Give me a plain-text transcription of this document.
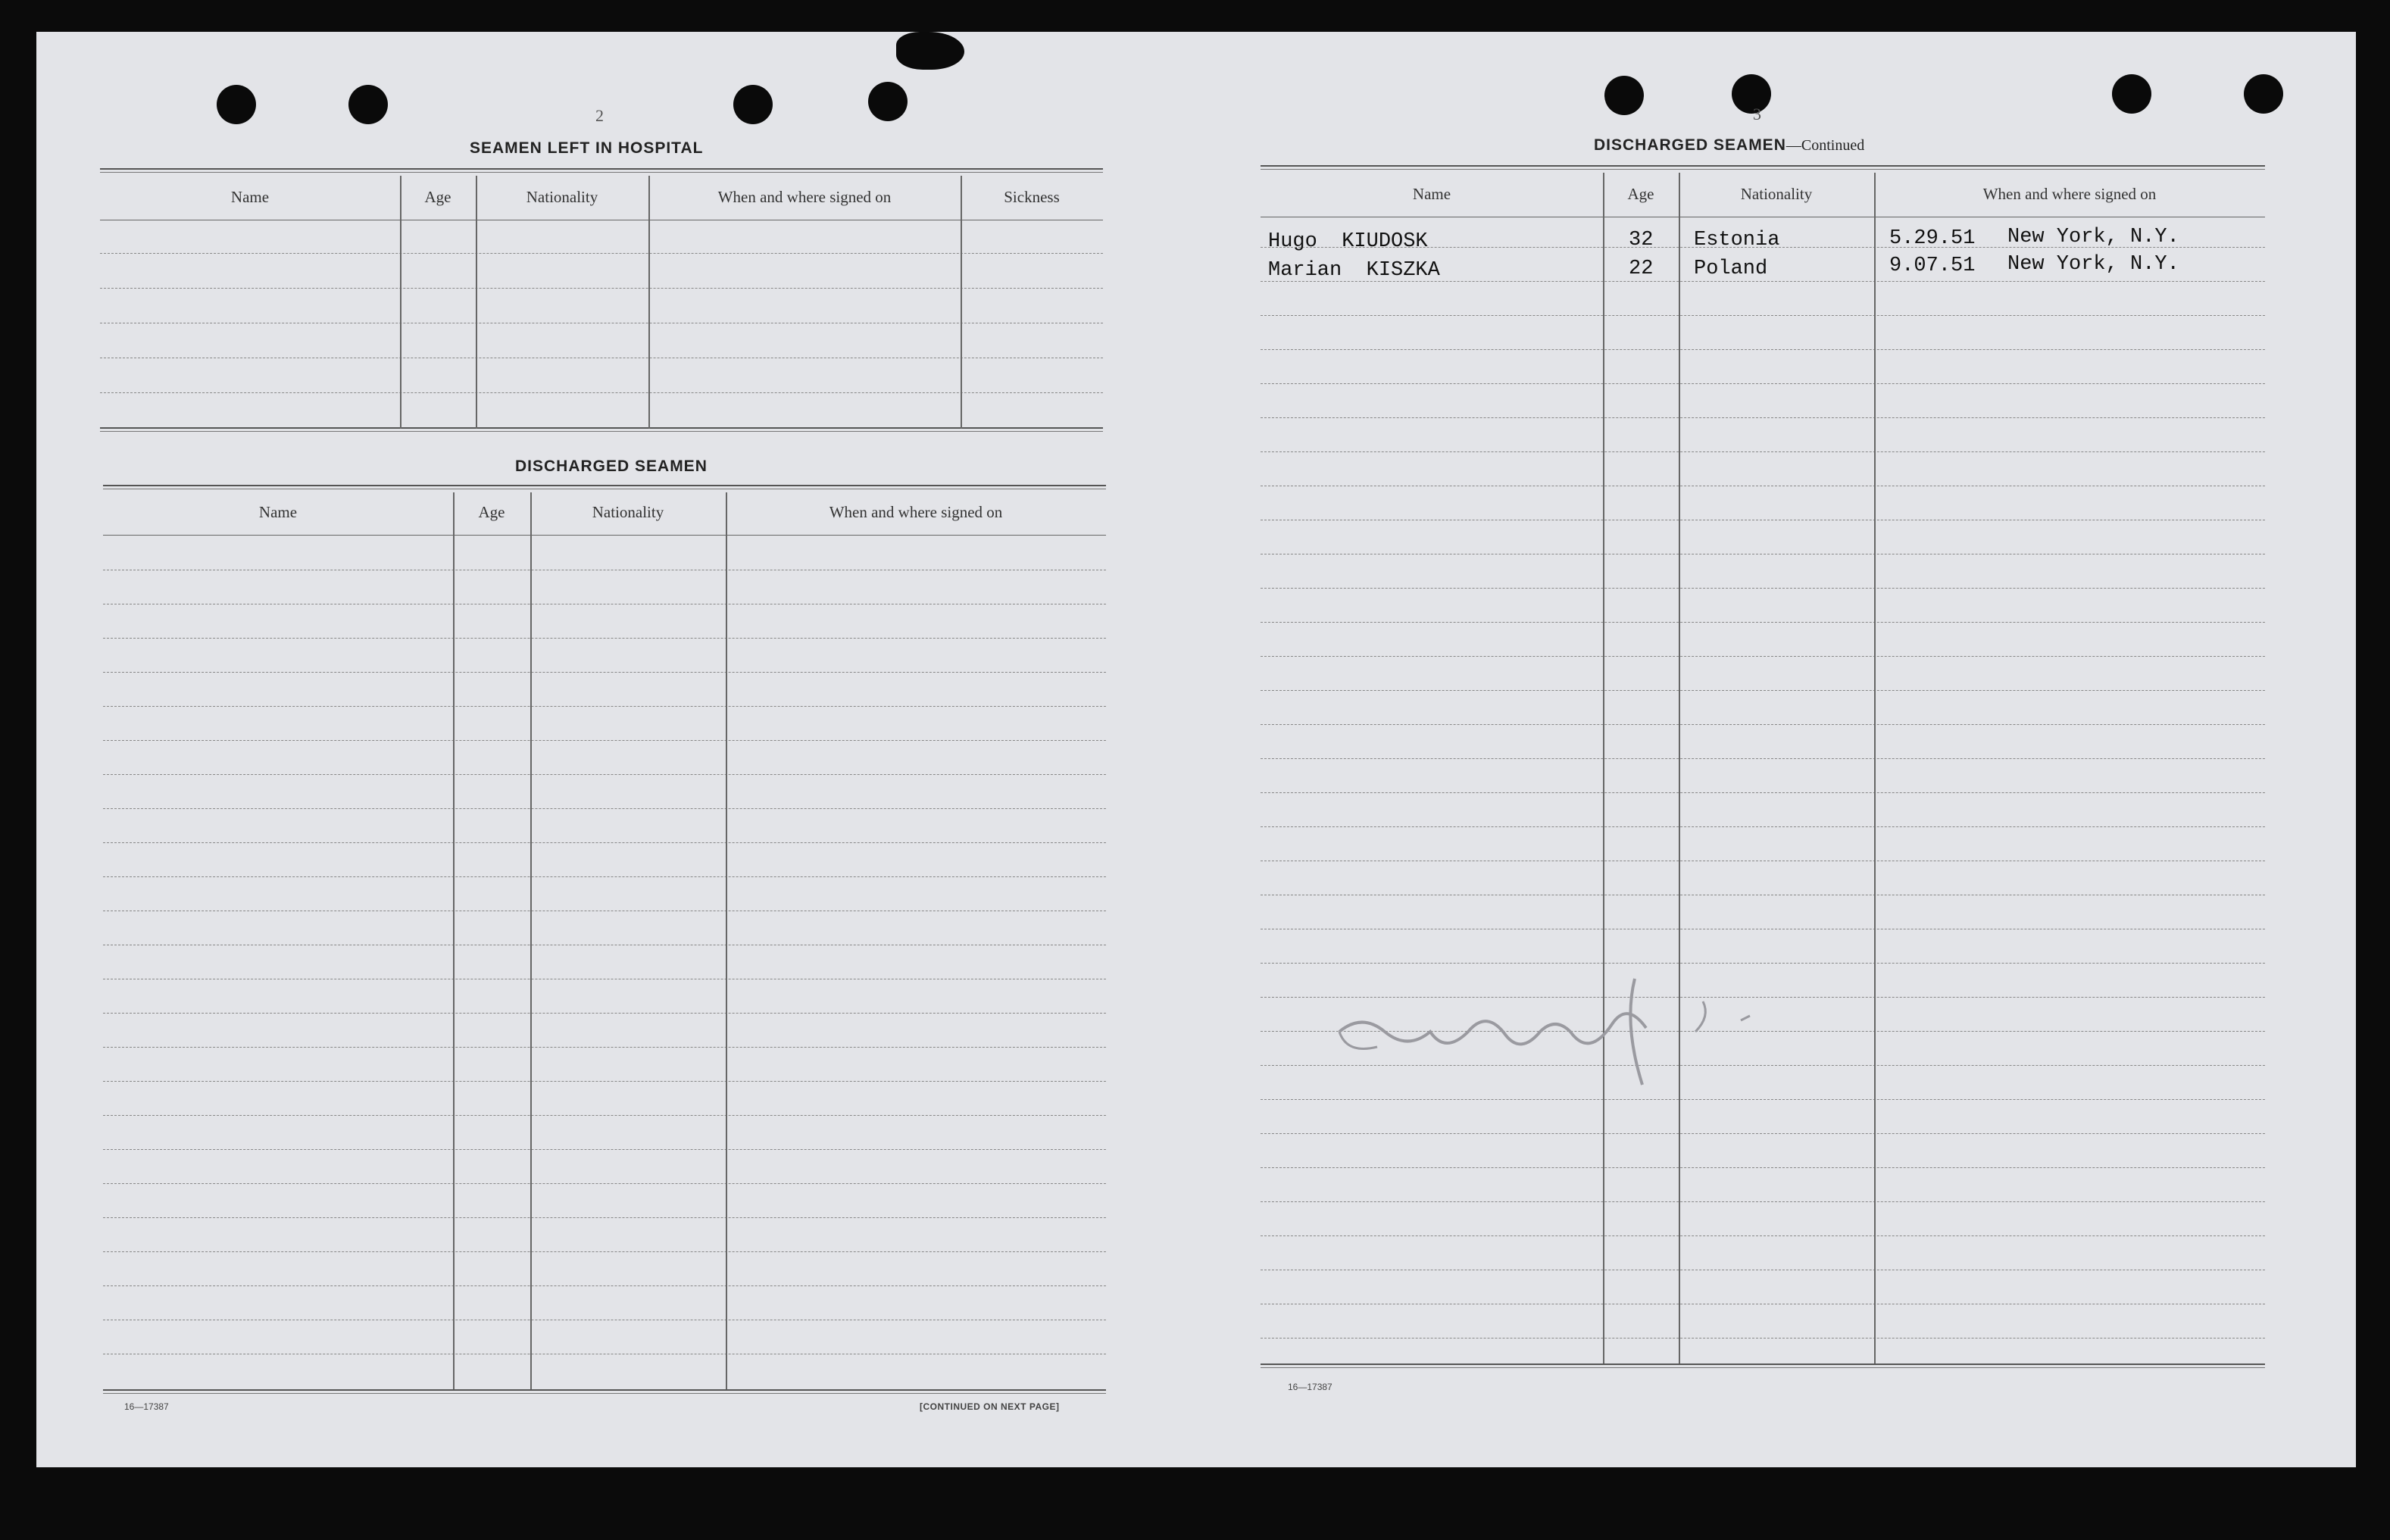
2
SEAMEN LEFT IN HOSPITAL
Name	Age	Nationality	When and where signed on	Sickness
DISCHARGED SEAMEN
Name	Age	Nationality	When and where signed on
16—17387	[CONTINUED ON NEXT PAGE]
3
DISCHARGED SEAMEN—Continued
Name	Age	Nationality	When and where signed on
Hugo  KIUDOSK	32 Estonia	5.29.51 New York, N.Y.
Marian  KISZKA	22 Poland	9.07.51 New York, N.Y.
16—17387
